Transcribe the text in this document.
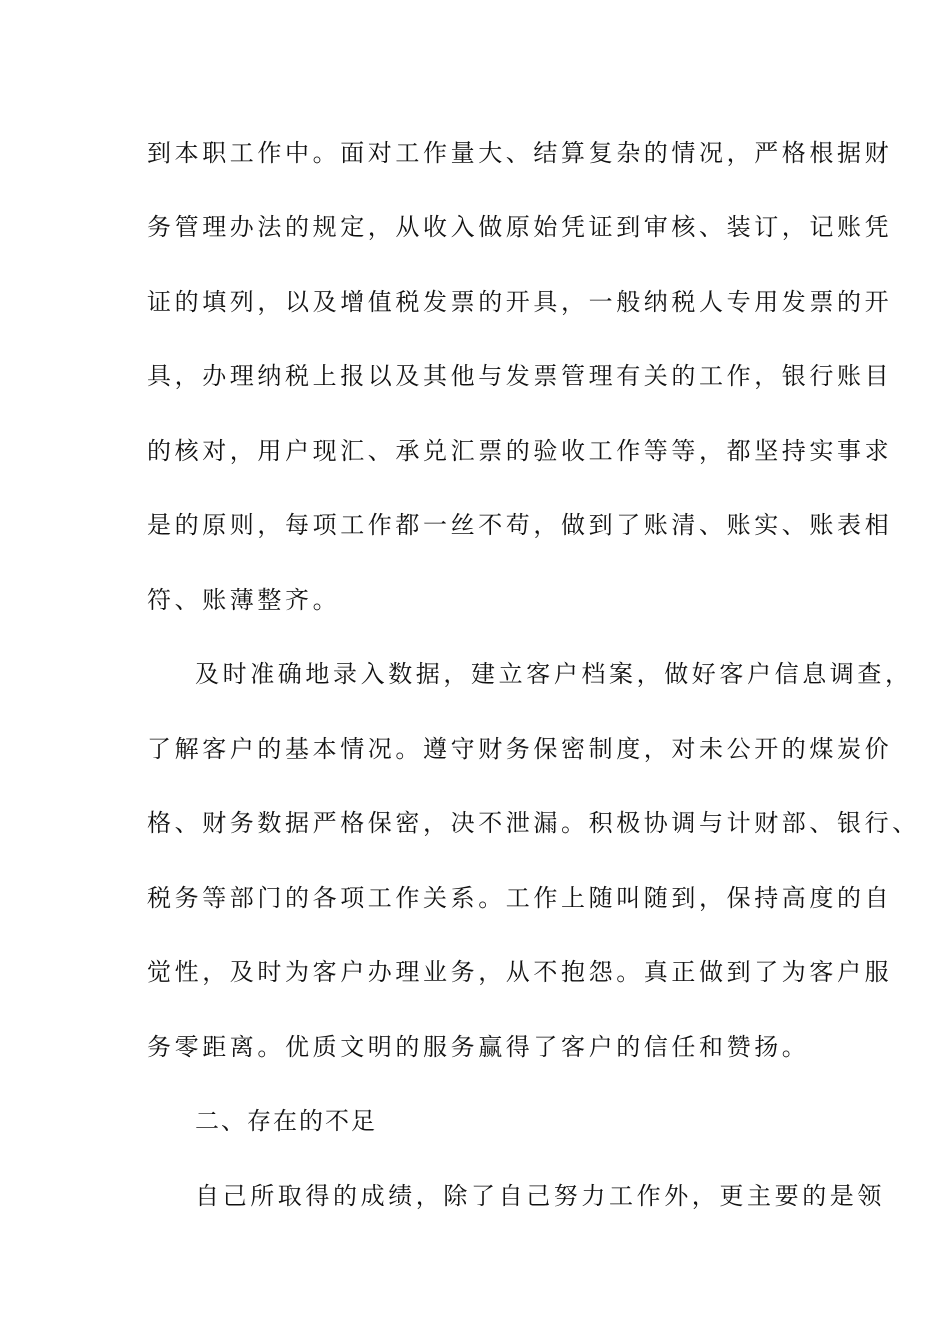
到本职工作中。面对工作量大、结算复杂的情况，严格根据财
务管理办法的规定，从收入做原始凭证到审核、装订，记账凭
证的填列，以及增值税发票的开具，一般纳税人专用发票的开
具，办理纳税上报以及其他与发票管理有关的工作，银行账目
的核对，用户现汇、承兑汇票的验收工作等等，都坚持实事求
是的原则，每项工作都一丝不苟，做到了账清、账实、账表相
符、账薄整齐。
及时准确地录入数据，建立客户档案，做好客户信息调查，
了解客户的基本情况。遵守财务保密制度，对未公开的煤炭价
格、财务数据严格保密，决不泄漏。积极协调与计财部、银行、
税务等部门的各项工作关系。工作上随叫随到，保持高度的自
觉性，及时为客户办理业务，从不抱怨。真正做到了为客户服
务零距离。优质文明的服务赢得了客户的信任和赞扬。
二、存在的不足
自己所取得的成绩，除了自己努力工作外，更主要的是领
